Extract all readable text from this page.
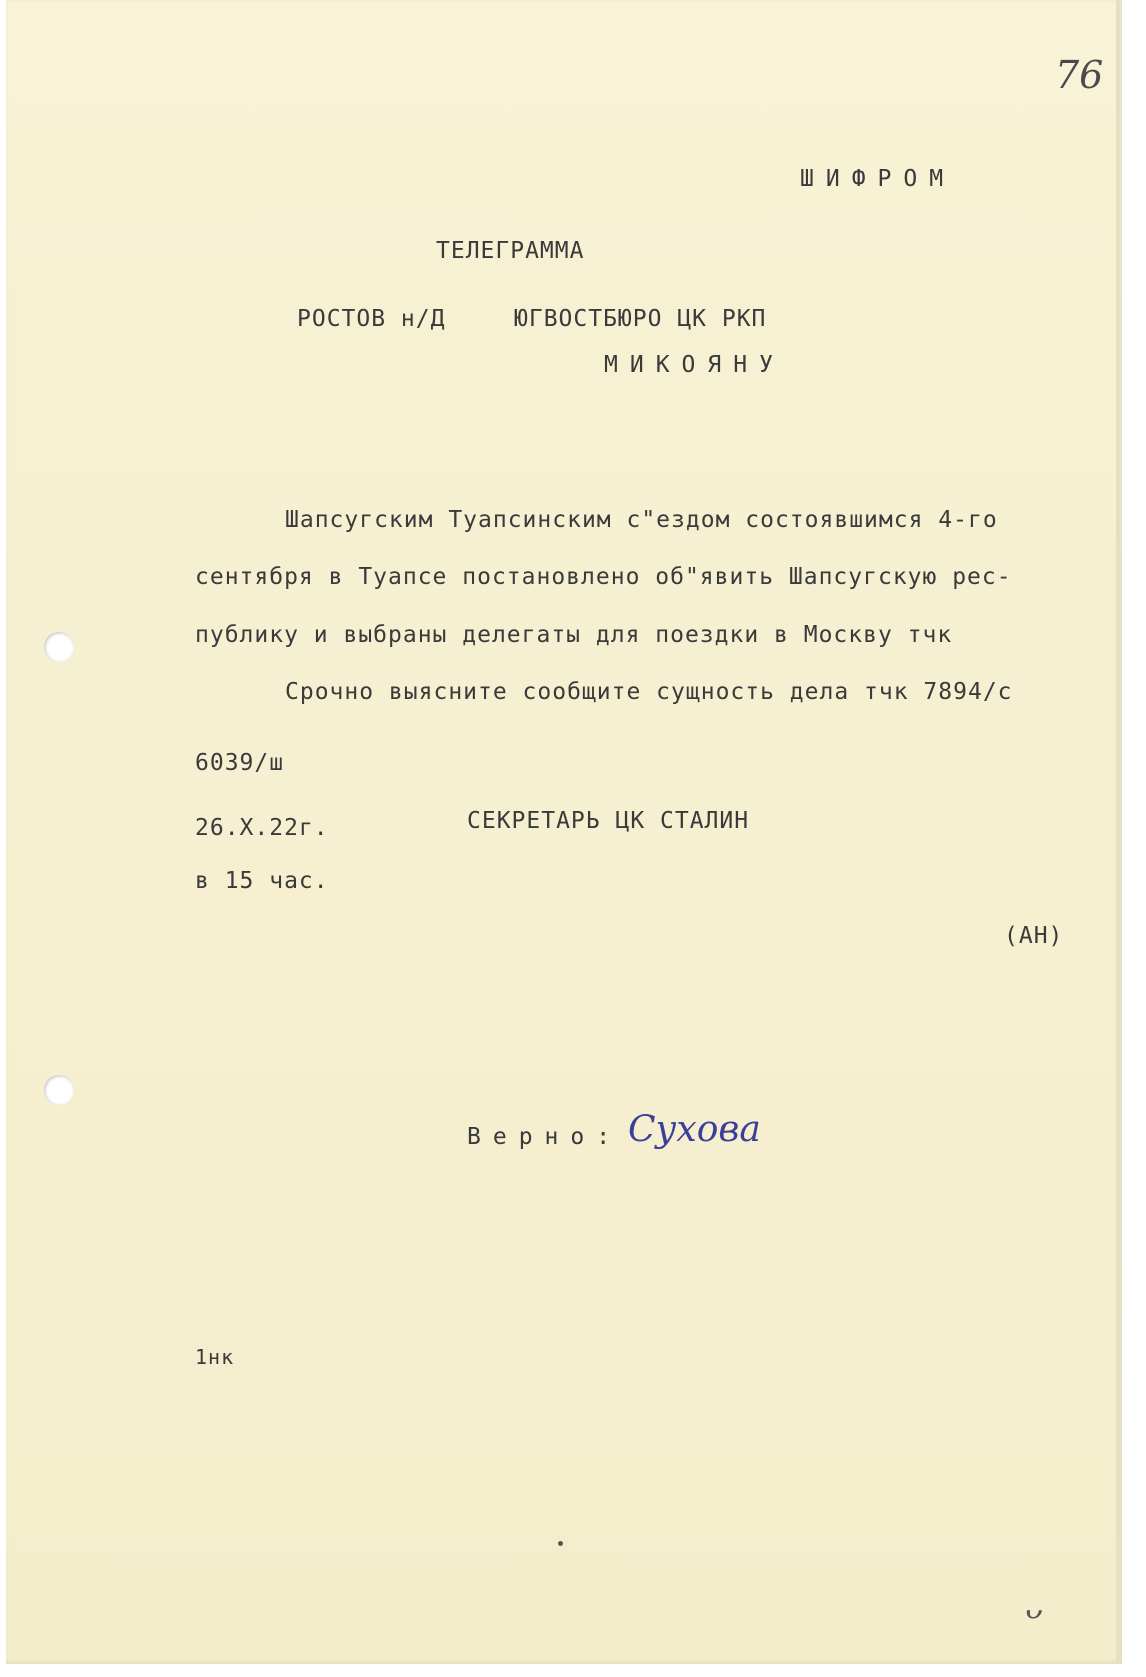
76
ШИФРОМ
ТЕЛЕГРАММА
РОСТОВ н/Д	ЮГВОСТБЮРО ЦК РКП
МИКОЯНУ
Шапсугским Туапсинским с"ездом состоявшимся 4-го
сентября в Туапсе постановлено об"явить Шапсугскую рес-
публику и выбраны делегаты для поездки в Москву тчк
Срочно выясните сообщите сущность дела тчк 7894/с
6039/ш
26.Х.22г.	СЕКРЕТАРЬ ЦК СТАЛИН
в 15 час.
(АН)
Верно: Сухова
1нк
ᴗ
